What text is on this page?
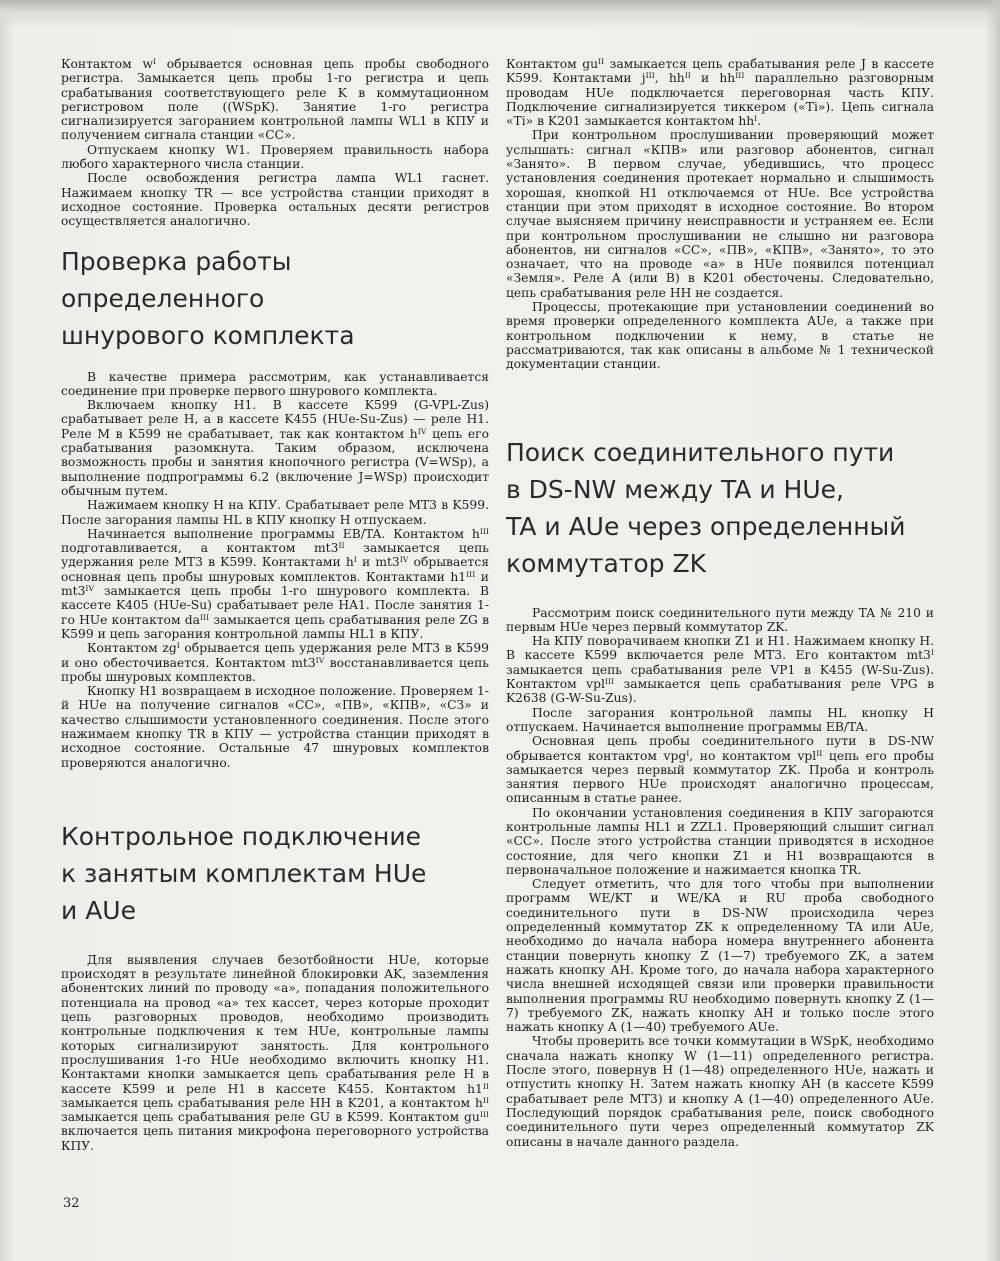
Контактом wᴵ обрывается основная цепь пробы свободного регистра. Замыкается цепь пробы 1-го регистра и цепь срабатывания соответствующего реле K в коммутационном регистровом поле ((WSpK). Занятие 1-го регистра сигнализируется загоранием контрольной лампы WL1 в КПУ и получением сигнала станции «СС».

Отпускаем кнопку W1. Проверяем правильность набора любого характерного числа станции.

После освобождения регистра лампа WL1 гаснет. Нажимаем кнопку TR — все устройства станции приходят в исходное состояние. Проверка остальных десяти регистров осуществляется аналогично.

Проверка работы
определенного
шнурового комплекта

В качестве примера рассмотрим, как устанавливается соединение при проверке первого шнурового комплекта.

Включаем кнопку H1. В кассете K599 (G-VPL-Zus) срабатывает реле H, а в кассете K455 (HUe-Su-Zus) — реле H1. Реле M в K599 не срабатывает, так как контактом hᴵⱽ цепь его срабатывания разомкнута. Таким образом, исключена возможность пробы и занятия кнопочного регистра (V=WSp), а выполнение подпрограммы 6.2 (включение J=WSp) происходит обычным путем.

Нажимаем кнопку H на КПУ. Срабатывает реле MT3 в K599. После загорания лампы HL в КПУ кнопку H отпускаем.

Начинается выполнение программы EB/TA. Контактом hᴵᴵᴵ подготавливается, а контактом mt3ᴵᴵ замыкается цепь удержания реле MT3 в K599. Контактами hᴵ и mt3ᴵⱽ обрывается основная цепь пробы шнуровых комплектов. Контактами h1ᴵᴵᴵ и mt3ᴵⱽ замыкается цепь пробы 1-го шнурового комплекта. В кассете K405 (HUe-Su) срабатывает реле HA1. После занятия 1-го HUe контактом daᴵᴵᴵ замыкается цепь срабатывания реле ZG в K599 и цепь загорания контрольной лампы HL1 в КПУ.

Контактом zgᴵ обрывается цепь удержания реле MT3 в K599 и оно обесточивается. Контактом mt3ᴵⱽ восстанавливается цепь пробы шнуровых комплектов.

Кнопку H1 возвращаем в исходное положение. Проверяем 1-й HUe на получение сигналов «СС», «ПВ», «КПВ», «СЗ» и качество слышимости установленного соединения. После этого нажимаем кнопку TR в КПУ — устройства станции приходят в исходное состояние. Остальные 47 шнуровых комплектов проверяются аналогично.

Контрольное подключение
к занятым комплектам HUe
и AUe

Для выявления случаев безотбойности HUe, которые происходят в результате линейной блокировки AK, заземления абонентских линий по проводу «a», попадания положительного потенциала на провод «a» тех кассет, через которые проходит цепь разговорных проводов, необходимо производить контрольные подключения к тем HUe, контрольные лампы которых сигнализируют занятость. Для контрольного прослушивания 1-го HUe необходимо включить кнопку H1. Контактами кнопки замыкается цепь срабатывания реле H в кассете K599 и реле H1 в кассете K455. Контактом h1ᴵᴵ замыкается цепь срабатывания реле HH в K201, а контактом hᴵᴵ замыкается цепь срабатывания реле GU в K599. Контактом guᴵᴵᴵ включается цепь питания микрофона переговорного устройства КПУ.

Контактом guᴵᴵ замыкается цепь срабатывания реле J в кассете K599. Контактами jᴵᴵᴵ, hhᴵᴵ и hhᴵᴵᴵ параллельно разговорным проводам HUe подключается переговорная часть КПУ. Подключение сигнализируется тиккером («Ti»). Цепь сигнала «Ti» в K201 замыкается контактом hhᴵ.

При контрольном прослушивании проверяющий может услышать: сигнал «КПВ» или разговор абонентов, сигнал «Занято». В первом случае, убедившись, что процесс установления соединения протекает нормально и слышимость хорошая, кнопкой H1 отключаемся от HUe. Все устройства станции при этом приходят в исходное состояние. Во втором случае выясняем причину неисправности и устраняем ее. Если при контрольном прослушивании не слышно ни разговора абонентов, ни сигналов «СС», «ПВ», «КПВ», «Занято», то это означает, что на проводе «a» в HUe появился потенциал «Земля». Реле A (или B) в K201 обесточены. Следовательно, цепь срабатывания реле HH не создается.

Процессы, протекающие при установлении соединений во время проверки определенного комплекта AUe, а также при контрольном подключении к нему, в статье не рассматриваются, так как описаны в альбоме № 1 технической документации станции.

Поиск соединительного пути
в DS-NW между TA и HUe,
TA и AUe через определенный
коммутатор ZK

Рассмотрим поиск соединительного пути между TA № 210 и первым HUe через первый коммутатор ZK.

На КПУ поворачиваем кнопки Z1 и H1. Нажимаем кнопку H. В кассете K599 включается реле MT3. Его контактом mt3ᴵ замыкается цепь срабатывания реле VP1 в K455 (W-Su-Zus). Контактом vplᴵᴵᴵ замыкается цепь срабатывания реле VPG в K2638 (G-W-Su-Zus).

После загорания контрольной лампы HL кнопку H отпускаем. Начинается выполнение программы EB/TA.

Основная цепь пробы соединительного пути в DS-NW обрывается контактом vpgᴵ, но контактом vplᴵᴵ цепь его пробы замыкается через первый коммутатор ZK. Проба и контроль занятия первого HUe происходят аналогично процессам, описанным в статье ранее.

По окончании установления соединения в КПУ загораются контрольные лампы HL1 и ZZL1. Проверяющий слышит сигнал «СС». После этого устройства станции приводятся в исходное состояние, для чего кнопки Z1 и H1 возвращаются в первоначальное положение и нажимается кнопка TR.

Следует отметить, что для того чтобы при выполнении программ WE/KT и WE/KA и RU проба свободного соединительного пути в DS-NW происходила через определенный коммутатор ZK к определенному TA или AUe, необходимо до начала набора номера внутреннего абонента станции повернуть кнопку Z (1—7) требуемого ZK, а затем нажать кнопку AH. Кроме того, до начала набора характерного числа внешней исходящей связи или проверки правильности выполнения программы RU необходимо повернуть кнопку Z (1—7) требуемого ZK, нажать кнопку AH и только после этого нажать кнопку A (1—40) требуемого AUe.

Чтобы проверить все точки коммутации в WSpK, необходимо сначала нажать кнопку W (1—11) определенного регистра. После этого, повернув H (1—48) определенного HUe, нажать и отпустить кнопку H. Затем нажать кнопку AH (в кассете K599 срабатывает реле MT3) и кнопку A (1—40) определенного AUe. Последующий порядок срабатывания реле, поиск свободного соединительного пути через определенный коммутатор ZK описаны в начале данного раздела.

32
